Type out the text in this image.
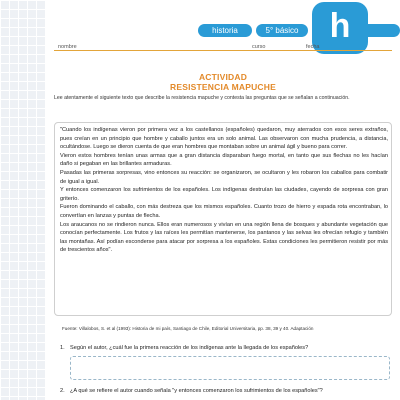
historia	5° básico h
nombre	curso	fecha
ACTIVIDAD
RESISTENCIA MAPUCHE
Lee atentamente el siguiente texto que describe la resistencia mapuche y contesta las preguntas que se señalan a continuación.

"Cuando los indígenas vieron por primera vez a los castellanos (españoles) quedaron, muy aterrados con esos seres extraños, pues creían en un principio que hombre y caballo juntos era un solo animal. Las observaron con mucha prudencia, a distancia, ocultándose. Luego se dieron cuenta de que eran hombres que montaban sobre un animal ágil y bueno para correr.

Vieron estos hombres tenían unas armas que a gran distancia disparaban fuego mortal, en tanto que sus flechas no les hacían daño si pegaban en las brillantes armaduras.

Pasadas las primeras sorpresas, vino entonces su reacción: se organizaron, se ocultaron y les robaron los caballos para combatir de igual a igual.

Y entonces comenzaron los sufrimientos de los españoles. Los indígenas destruían las ciudades, cayendo de sorpresa con gran griterío.

Fueron dominando el caballo, con más destreza que los mismos españoles. Cuanto trozo de hierro y espada rota encontraban, lo convertían en lanzas y puntas de flecha.

Los araucanos no se rindieron nunca. Ellos eran numerosos y vivían en una región llena de bosques y abundante vegetación que conocían perfectamente. Los frutos y las raíces les permitían mantenerse, los pantanos y las selvas les ofrecían refugio y también las montañas. Así podían esconderse para atacar por sorpresa a los españoles. Estas condiciones les permitieron resistir por más de trescientos años".

Fuente: Villalobos, S. et al (1993): Historia de mi país, Santiago de Chile, Editorial Universitaria, pp. 38, 39 y 40. Adaptación
1. Según el autor, ¿cuál fue la primera reacción de los indígenas ante la llegada de los españoles?
2. ¿A qué se refiere el autor cuando señala "y entonces comenzaron los sufrimientos de los españoles"?
